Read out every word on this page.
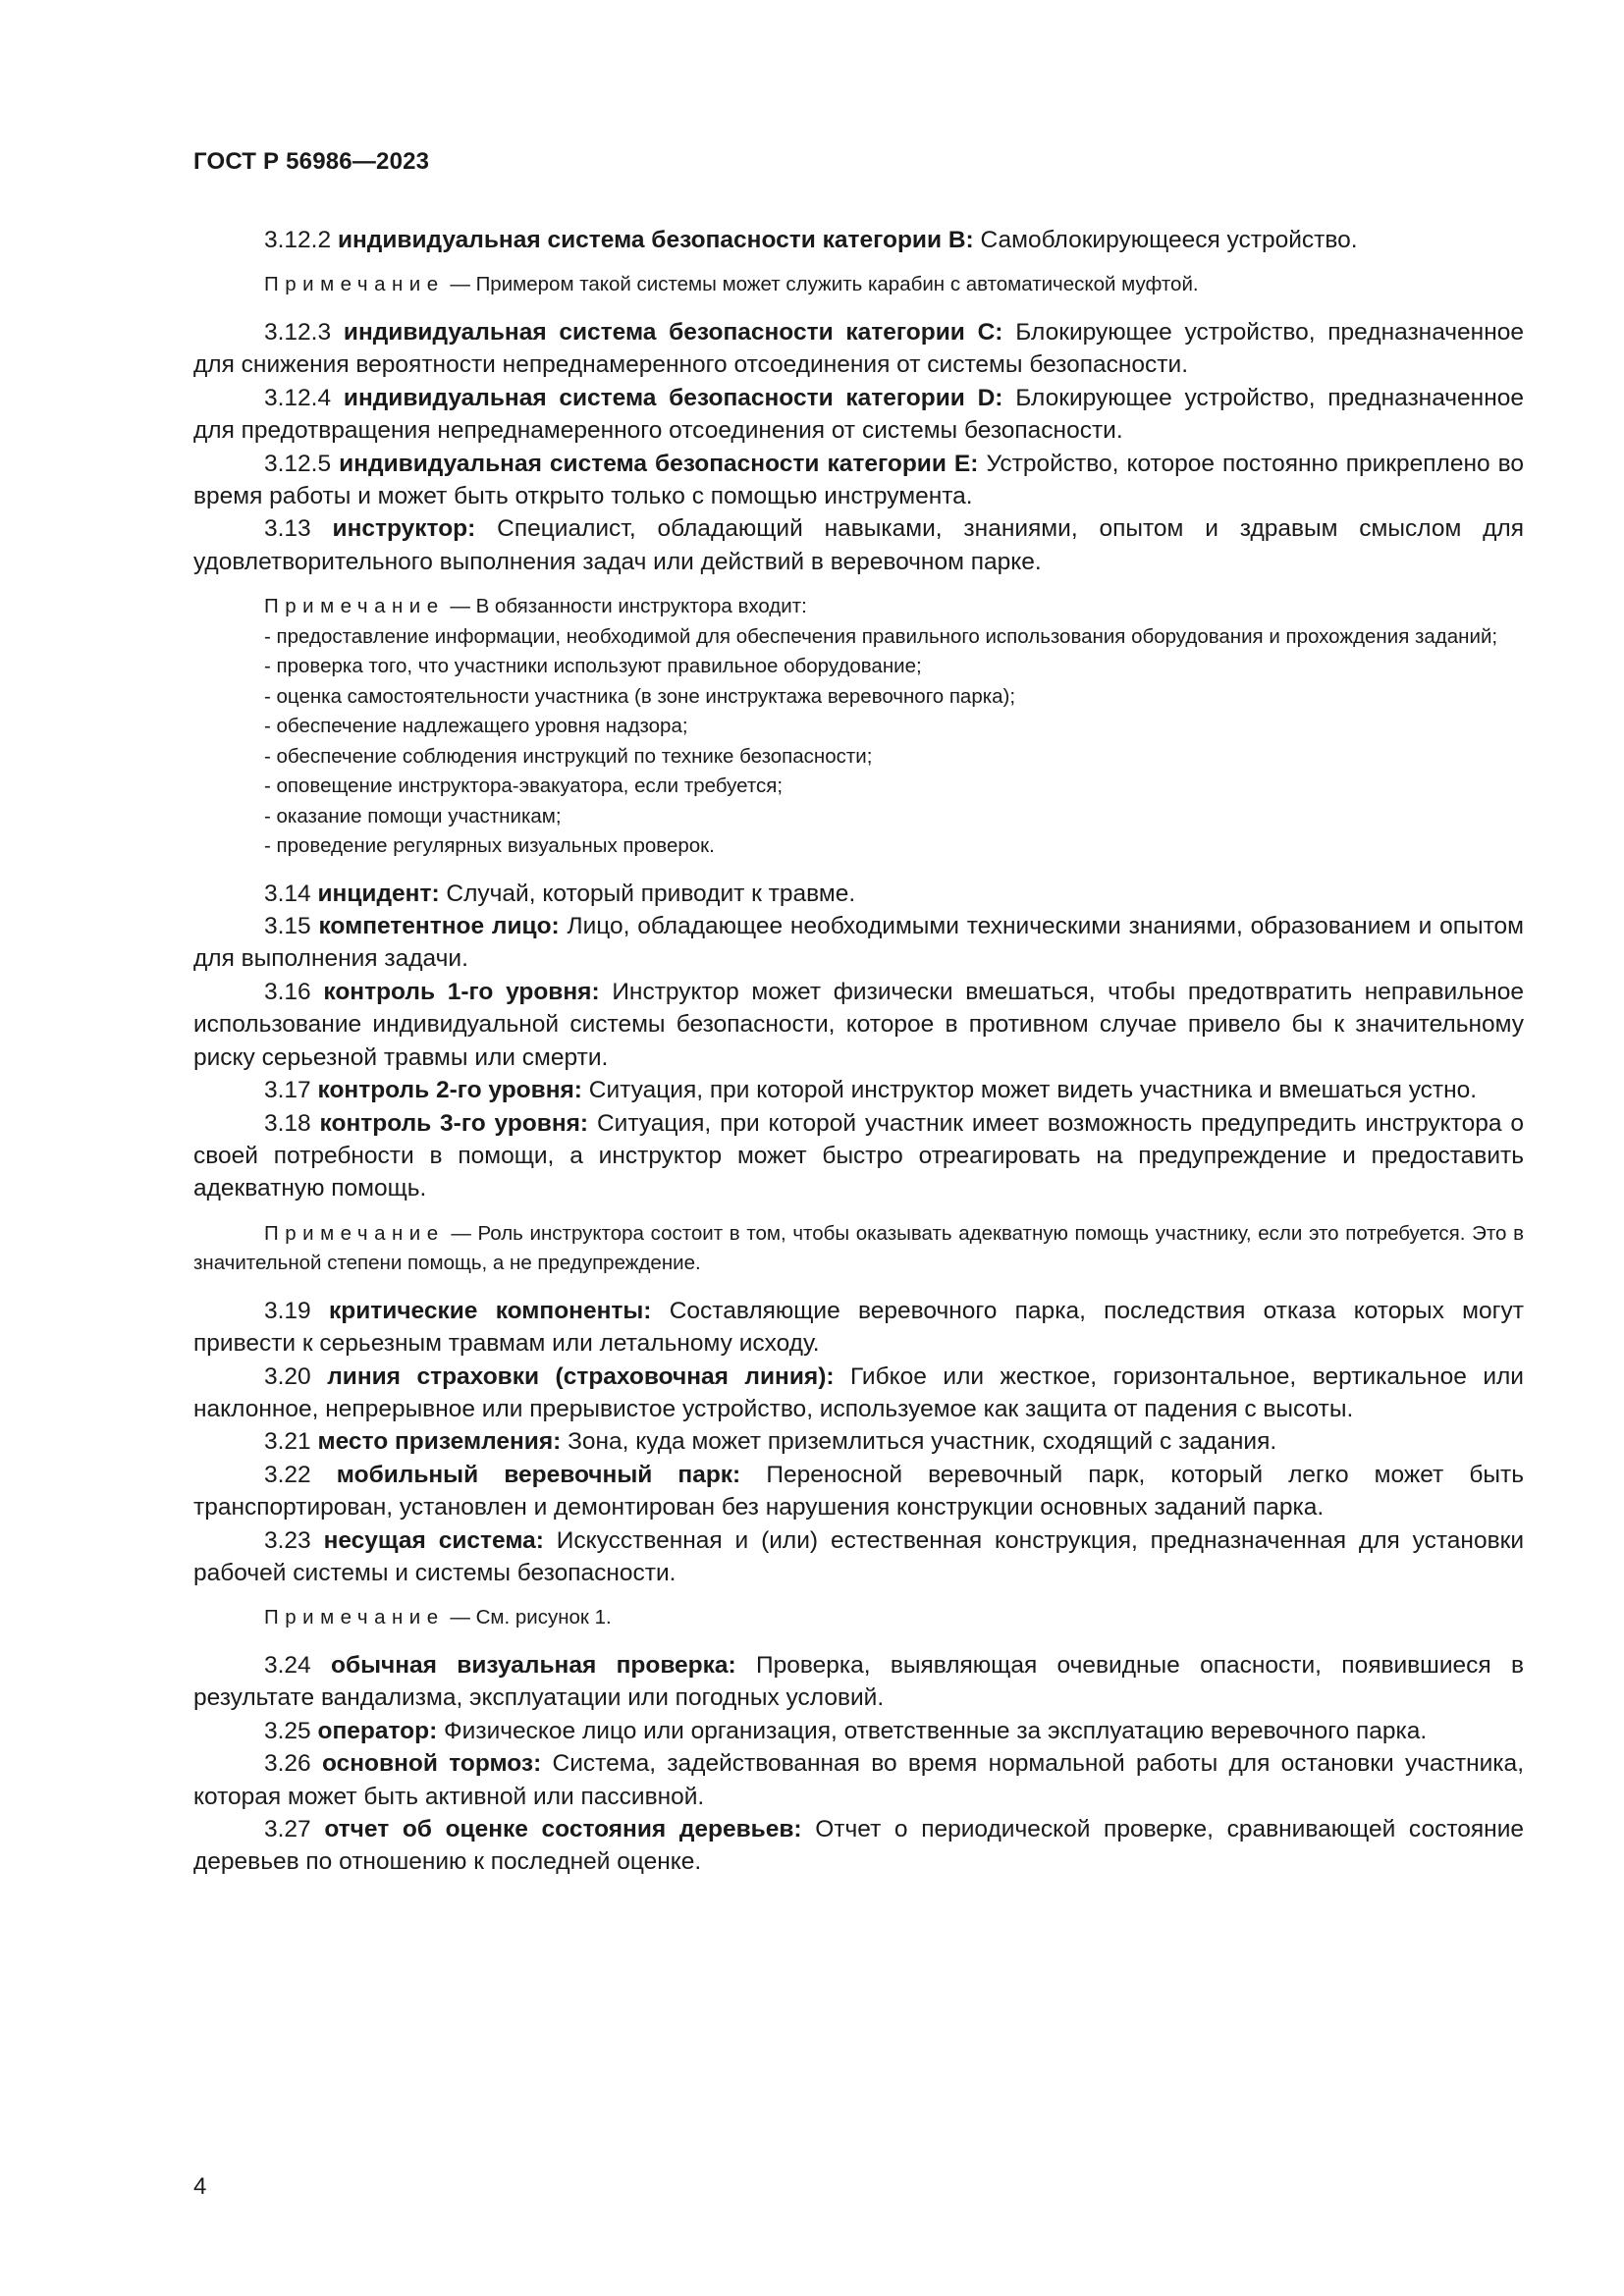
ГОСТ Р 56986—2023

3.12.2 индивидуальная система безопасности категории В: Самоблокирующееся устройство.

Примечание — Примером такой системы может служить карабин с автоматической муфтой.

3.12.3 индивидуальная система безопасности категории С: Блокирующее устройство, предназначенное для снижения вероятности непреднамеренного отсоединения от системы безопасности.

3.12.4 индивидуальная система безопасности категории D: Блокирующее устройство, предназначенное для предотвращения непреднамеренного отсоединения от системы безопасности.

3.12.5 индивидуальная система безопасности категории Е: Устройство, которое постоянно прикреплено во время работы и может быть открыто только с помощью инструмента.

3.13 инструктор: Специалист, обладающий навыками, знаниями, опытом и здравым смыслом для удовлетворительного выполнения задач или действий в веревочном парке.

Примечание — В обязанности инструктора входит:

- предоставление информации, необходимой для обеспечения правильного использования оборудования и прохождения заданий;

- проверка того, что участники используют правильное оборудование;

- оценка самостоятельности участника (в зоне инструктажа веревочного парка);

- обеспечение надлежащего уровня надзора;

- обеспечение соблюдения инструкций по технике безопасности;

- оповещение инструктора-эвакуатора, если требуется;

- оказание помощи участникам;

- проведение регулярных визуальных проверок.

3.14 инцидент: Случай, который приводит к травме.

3.15 компетентное лицо: Лицо, обладающее необходимыми техническими знаниями, образованием и опытом для выполнения задачи.

3.16 контроль 1-го уровня: Инструктор может физически вмешаться, чтобы предотвратить неправильное использование индивидуальной системы безопасности, которое в противном случае привело бы к значительному риску серьезной травмы или смерти.

3.17 контроль 2-го уровня: Ситуация, при которой инструктор может видеть участника и вмешаться устно.

3.18 контроль 3-го уровня: Ситуация, при которой участник имеет возможность предупредить инструктора о своей потребности в помощи, а инструктор может быстро отреагировать на предупреждение и предоставить адекватную помощь.

Примечание — Роль инструктора состоит в том, чтобы оказывать адекватную помощь участнику, если это потребуется. Это в значительной степени помощь, а не предупреждение.

3.19 критические компоненты: Составляющие веревочного парка, последствия отказа которых могут привести к серьезным травмам или летальному исходу.

3.20 линия страховки (страховочная линия): Гибкое или жесткое, горизонтальное, вертикальное или наклонное, непрерывное или прерывистое устройство, используемое как защита от падения с высоты.

3.21 место приземления: Зона, куда может приземлиться участник, сходящий с задания.

3.22 мобильный веревочный парк: Переносной веревочный парк, который легко может быть транспортирован, установлен и демонтирован без нарушения конструкции основных заданий парка.

3.23 несущая система: Искусственная и (или) естественная конструкция, предназначенная для установки рабочей системы и системы безопасности.

Примечание — См. рисунок 1.

3.24 обычная визуальная проверка: Проверка, выявляющая очевидные опасности, появившиеся в результате вандализма, эксплуатации или погодных условий.

3.25 оператор: Физическое лицо или организация, ответственные за эксплуатацию веревочного парка.

3.26 основной тормоз: Система, задействованная во время нормальной работы для остановки участника, которая может быть активной или пассивной.

3.27 отчет об оценке состояния деревьев: Отчет о периодической проверке, сравнивающей состояние деревьев по отношению к последней оценке.

4
